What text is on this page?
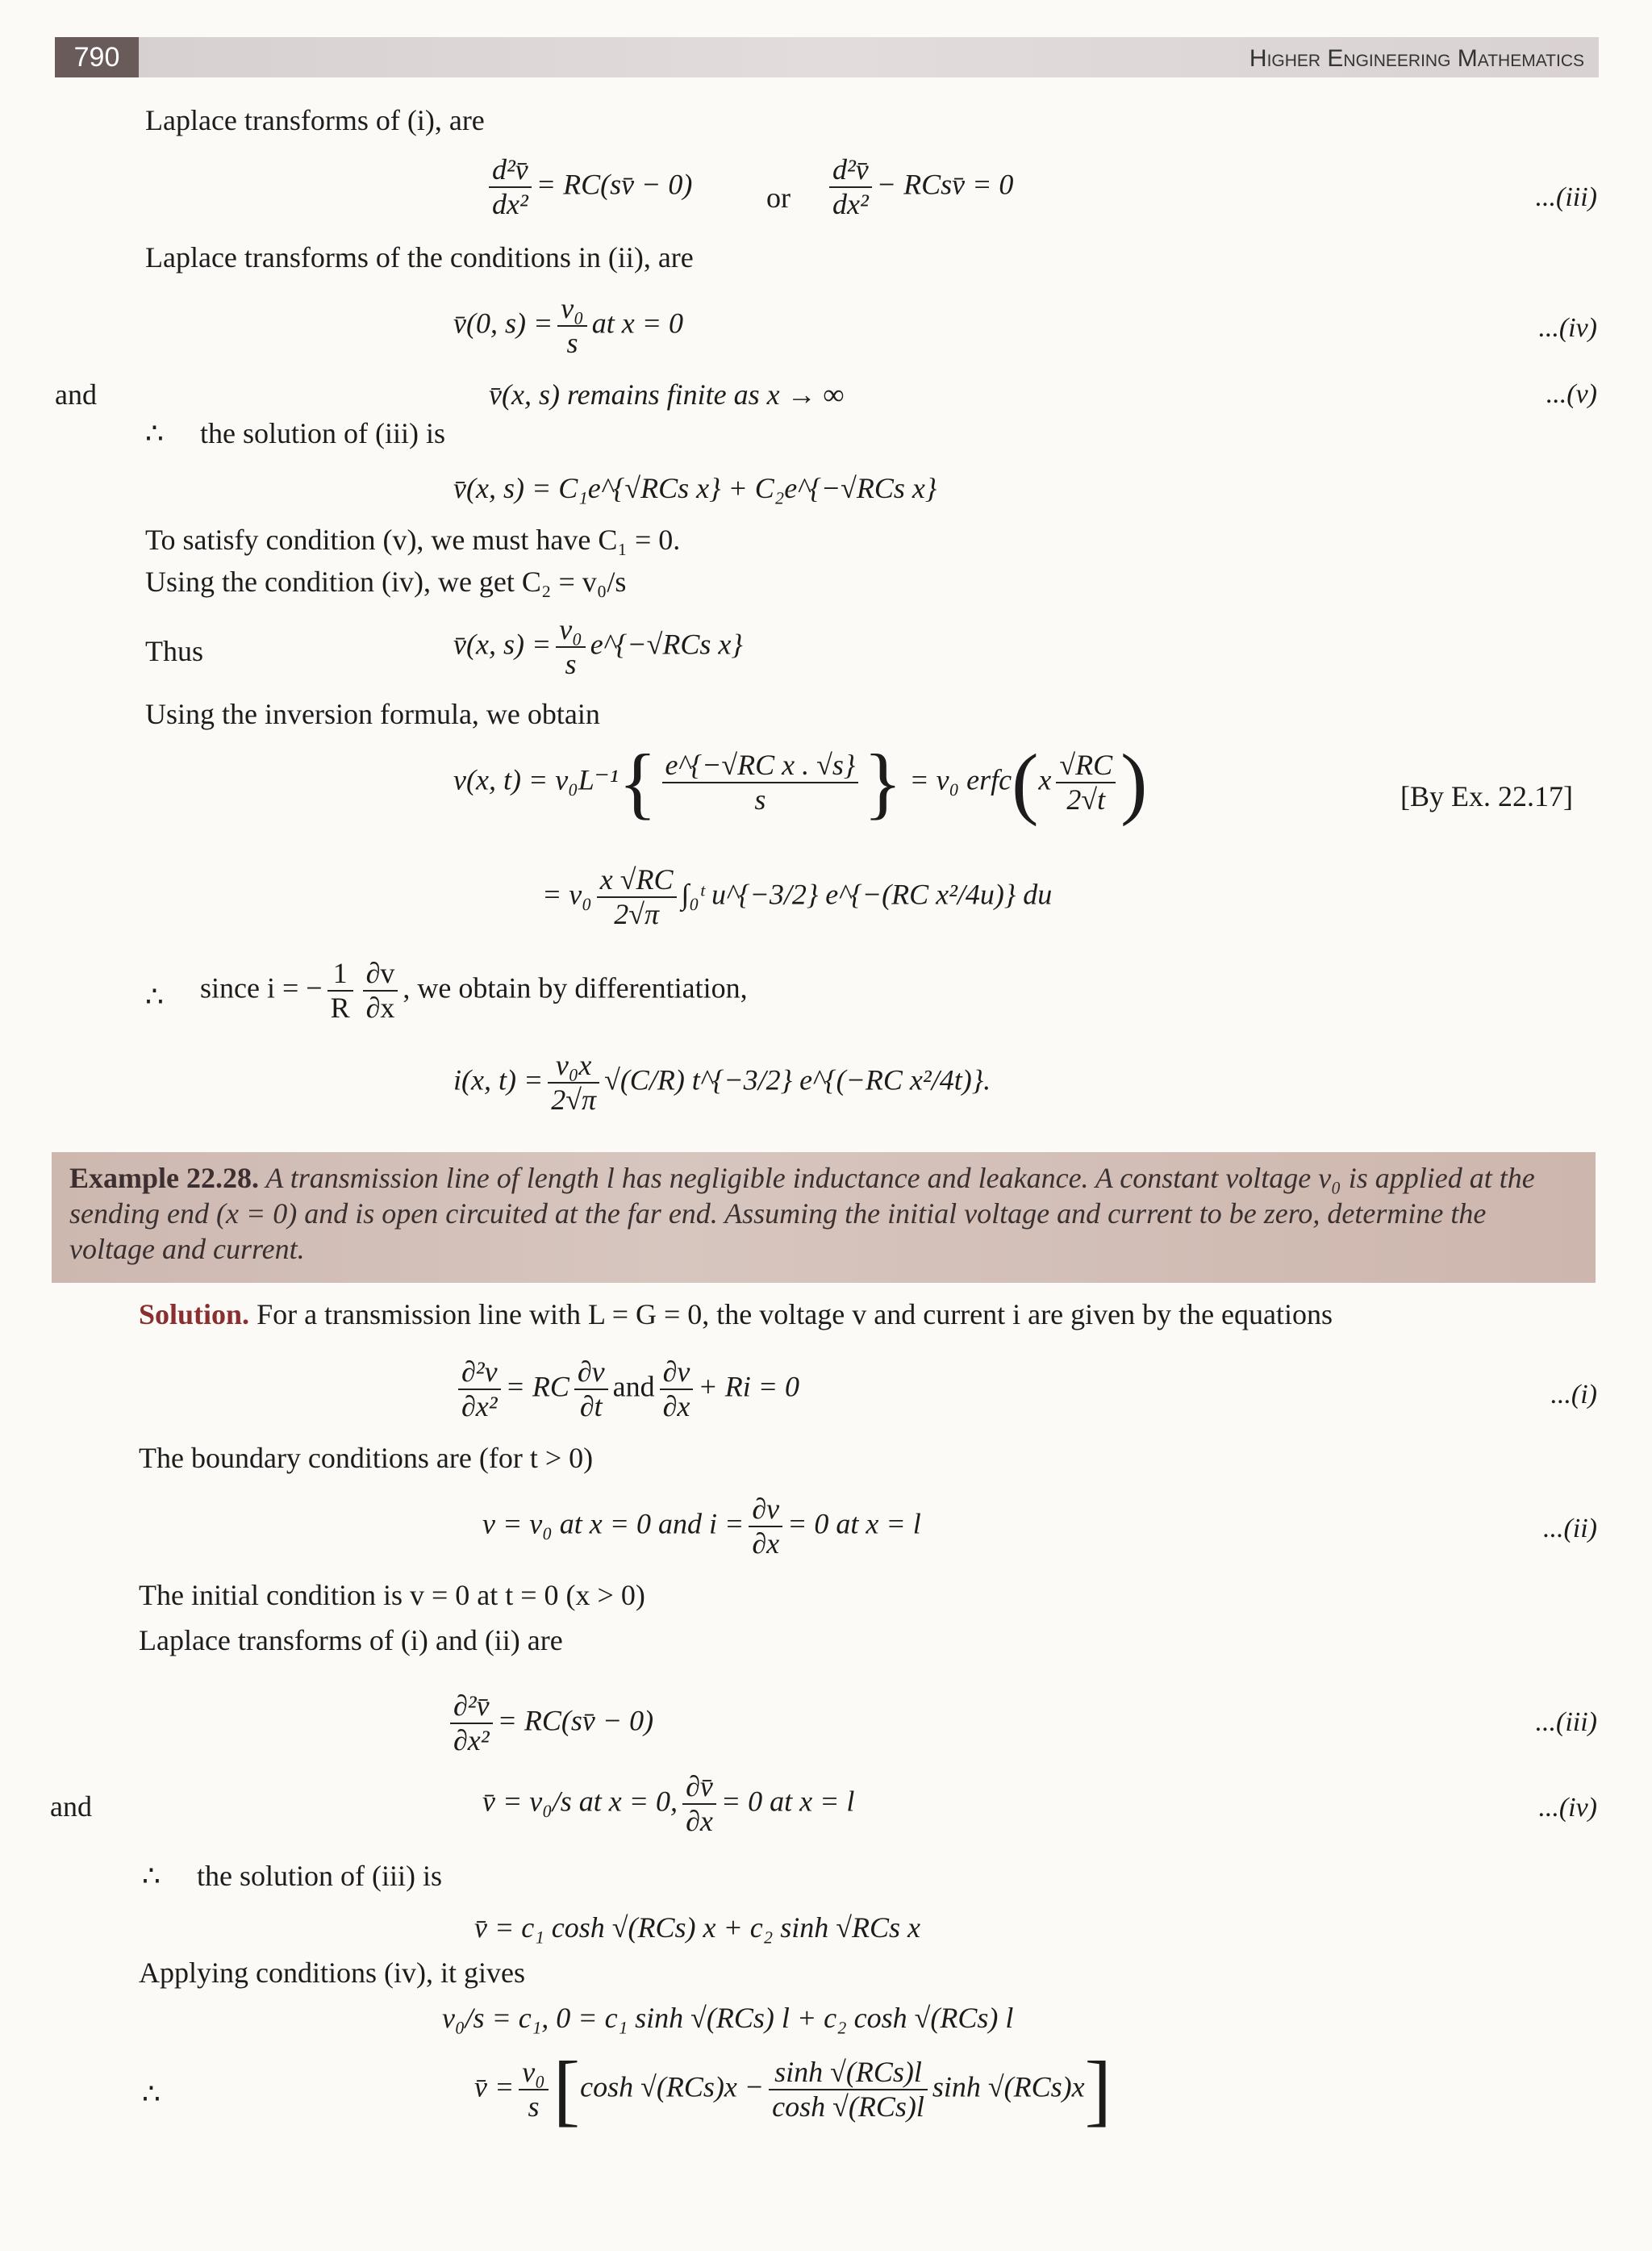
790	Higher Engineering Mathematics
Laplace transforms of (i), are
$\frac{\text{d²v̄}}{\text{dx²}}$ = RC(sv̄ − 0)	or $\frac{\text{d²v̄}}{\text{dx²}}$ − RCsv̄ = 0	...(iii)
Laplace transforms of the conditions in (ii), are
v̄(0, $s) = \frac{\text{v₀}}{s}$ at x = 0	...(iv)
and	v̄(x, s) remains finite as x → ∞	...(v)
∴ the solution of (iii) is
v̄(x, s) = C₁e^{√RCs x} + C₂e^{−√RCs x}
To satisfy condition (v), we must have C₁ = 0.
Using the condition (iv), we get C₂ = v₀/s
Thus	v̄(x, $s) = \frac{\text{v₀}}{s}$ e^{−√RCs x}
Using the inversion formula, we obtain
v(x, $t) = v_0L^{-1}\{ \frac{\text{e\textasciicircum{}\{−√RC x . √s\}}}{s}$ } = v₀ erfc(x $\frac{√RC}{2√t}$ )	[By Ex. 22.17]
= $v_0 \frac{x √RC}{2√\pi}$ ∫₀ᵗ u^{−3/2} e^{−(RC x²/4u)} du
∴ since i = − $\frac{1}{R} \frac{\partial v}{\partial x}$ , we obtain by differentiation,
i(x, $t) = \frac{\text{v₀x}}{2√\pi} √(C/R)$ t^{−3/2} e^{(−RC x²/4t)}.

Example 22.28. A transmission line of length l has negligible inductance and leakance. A constant voltage v₀ is applied at the sending end (x = 0) and is open circuited at the far end. Assuming the initial voltage and current to be zero, determine the voltage and current.

Solution. For a transmission line with L = G = 0, the voltage v and current i are given by the equations
$\frac{\text{∂²v}}{\text{∂x²}}$ = RC $\frac{\partial v}{\partial t}$ and $\frac{\partial v}{\partial x} + Ri = 0$	...(i)
The boundary conditions are (for t > 0)
v = v₀ at x = 0 and $i = \frac{\partial v}{\partial x} = 0$ at x = l	...(ii)
The initial condition is v = 0 at t = 0 (x > 0)
Laplace transforms of (i) and (ii) are
$\frac{\text{∂²v̄}}{\text{∂x²}}$ = RC(sv̄ − 0)	...(iii)
and	v̄ = v₀/s at x = 0, $\frac{\partial v̄}{\partial x} = 0$ at x = l	...(iv)
∴ the solution of (iii) is
v̄ = c₁ cosh √(RCs) x + c₂ sinh √RCs x
Applying conditions (iv), it gives
v₀/s = c₁, 0 = c₁ sinh √(RCs) l + c₂ cosh √(RCs) l
∴	v̄ = $\frac{\text{v₀}}{s} [\cosh$ $√(RCs)x - \frac{\text{sinh √(RCs)l}}{\text{cosh √(RCs)l}}$ sinh √(RCs)x]
